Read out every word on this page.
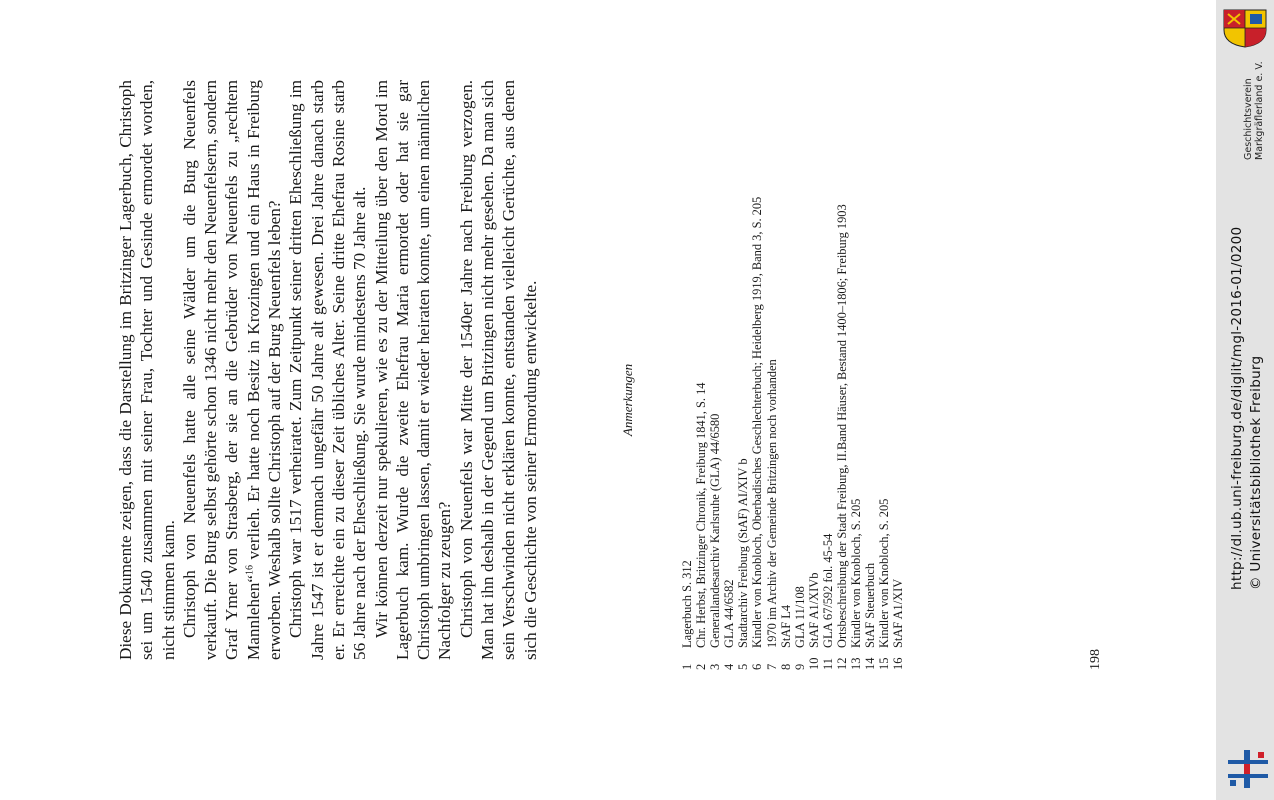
Diese Dokumente zeigen, dass die Darstellung im Britzinger Lagerbuch, Christoph sei um 1540 zusammen mit seiner Frau, Tochter und Gesinde ermordet worden, nicht stimmen kann. Christoph von Neuenfels hatte alle seine Wälder um die Burg Neuenfels verkauft. Die Burg selbst gehörte schon 1346 nicht mehr den Neuenfelsern, sondern Graf Ymer von Strasberg, der sie an die Gebrüder von Neuenfels zu „rechtem Mannlehen“$^{16}$ verlieh. Er hatte noch Besitz in Krozingen und ein Haus in Freiburg erworben. Weshalb sollte Christoph auf der Burg Neuenfels leben? Christoph war 1517 verheiratet. Zum Zeitpunkt seiner dritten Eheschließung im Jahre 1547 ist er demnach ungefähr 50 Jahre alt gewesen. Drei Jahre danach starb er. Er erreichte ein zu dieser Zeit übliches Alter. Seine dritte Ehefrau Rosine starb 56 Jahre nach der Eheschließung. Sie wurde mindestens 70 Jahre alt. Wir können derzeit nur spekulieren, wie es zu der Mitteilung über den Mord im Lagerbuch kam. Wurde die zweite Ehefrau Maria ermordet oder hat sie gar Christoph umbringen lassen, damit er wieder heiraten konnte, um einen männlichen Nachfolger zu zeugen? Christoph von Neuenfels war Mitte der 1540er Jahre nach Freiburg verzogen. Man hat ihn deshalb in der Gegend um Britzingen nicht mehr gesehen. Da man sich sein Verschwinden nicht erklären konnte, entstanden vielleicht Gerüchte, aus denen sich die Geschichte von seiner Ermordung entwickelte.	Anmerkungen
1
Lagerbuch S. 312
2
Chr. Herbst, Britzinger Chronik, Freiburg 1841, S. 14
3
Generallandesarchiv Karlsruhe (GLA) 44/6580
4
GLA 44/6582
5
Stadtarchiv Freiburg (StAF) AI/XIV b
6
Kindler von Knobloch, Oberbadisches Geschlechterbuch; Heidelberg 1919, Band 3, S. 205
7
1970 im Archiv der Gemeinde Britzingen noch vorhanden
8
StAF L4
9
GLA 11/108
10
StAF A1/XIVb
11
GLA 67/592 fol. 45-54
12
Ortsbeschreibung der Stadt Freiburg, II.Band Häuser, Bestand 1400–1806; Freiburg 1903
13
Kindler von Knobloch, S. 205
14
StAF Steuerbuch
15
Kindler von Knobloch, S. 205
16
StAF A1/XIV
198
Geschichtsverein Markgräflerland e. V.
http://dl.ub.uni-freiburg.de/diglit/mgl-2016-01/0200 © Universitätsbibliothek Freiburg
